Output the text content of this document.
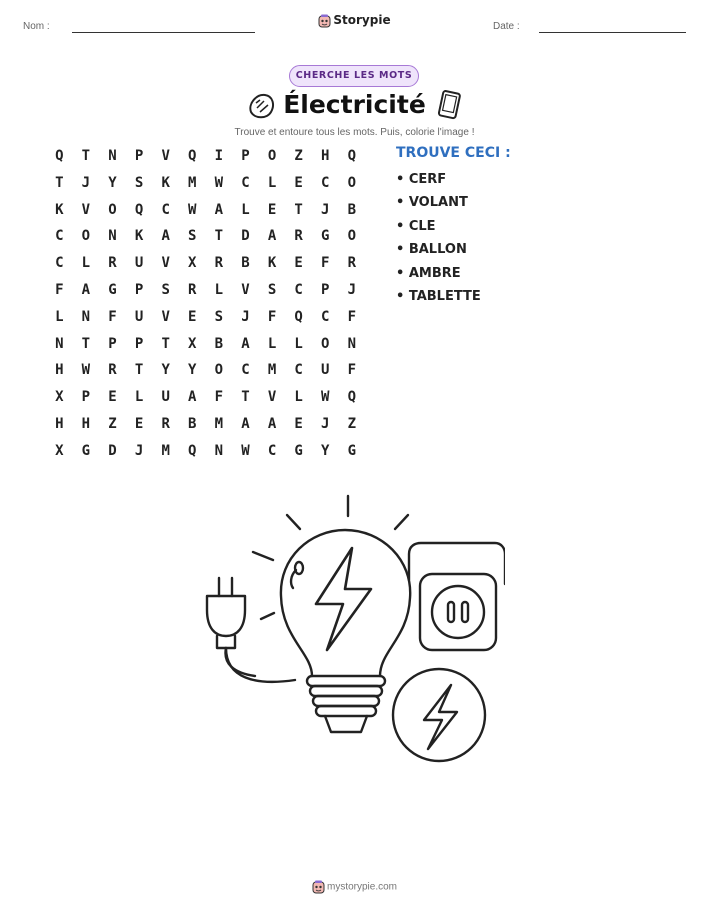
Nom :	Storypie	Date :
CHERCHE LES MOTS
Électricité
Trouve et entoure tous les mots. Puis, colorie l'image !
Q	T	N	P	V	Q	I	P	O	Z	H	Q
T	J	Y	S	K	M	W	C	L	E	C	O
K	V	O	Q	C	W	A	L	E	T	J	B
C	O	N	K	A	S	T	D	A	R	G	O
C	L	R	U	V	X	R	B	K	E	F	R
F	A	G	P	S	R	L	V	S	C	P	J
L	N	F	U	V	E	S	J	F	Q	C	F
N	T	P	P	T	X	B	A	L	L	O	N
H	W	R	T	Y	Y	O	C	M	C	U	F
X	P	E	L	U	A	F	T	V	L	W	Q
H	H	Z	E	R	B	M	A	A	E	J	Z
X	G	D	J	M	Q	N	W	C	G	Y	G
TROUVE CECI :
• CERF
• VOLANT
• CLE
• BALLON
• AMBRE
• TABLETTE
mystorypie.com
